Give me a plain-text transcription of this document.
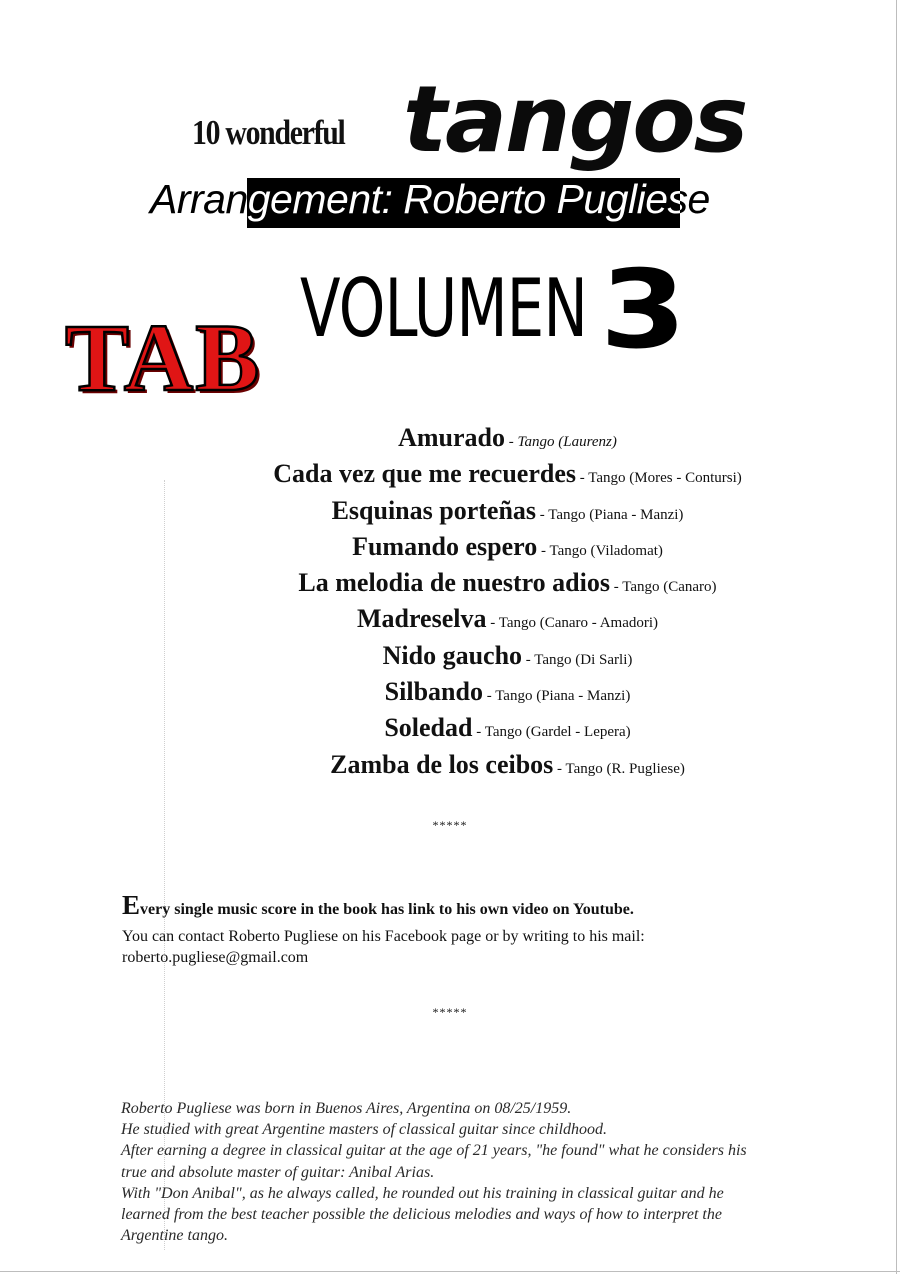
10 wonderful tangos
Arrangement: Roberto Pugliese
VOLUMEN 3
TAB
Amurado - Tango (Laurenz)
Cada vez que me recuerdes - Tango (Mores - Contursi)
Esquinas porteñas - Tango (Piana - Manzi)
Fumando espero - Tango (Viladomat)
La melodia de nuestro adios - Tango (Canaro)
Madreselva - Tango (Canaro - Amadori)
Nido gaucho - Tango (Di Sarli)
Silbando - Tango (Piana - Manzi)
Soledad - Tango (Gardel - Lepera)
Zamba de los ceibos - Tango (R. Pugliese)
*****
Every single music score in the book has link to his own video on Youtube.
You can contact Roberto Pugliese on his Facebook page or by writing to his mail:
roberto.pugliese@gmail.com
*****
Roberto Pugliese was born in Buenos Aires, Argentina on 08/25/1959.
He studied with great Argentine masters of classical guitar since childhood.
After earning a degree in classical guitar at the age of 21 years, "he found" what he considers his
true and absolute master of guitar: Anibal Arias.
With "Don Anibal", as he always called, he rounded out his training in classical guitar and he
learned from the best teacher possible the delicious melodies and ways of how to interpret the
Argentine tango.
